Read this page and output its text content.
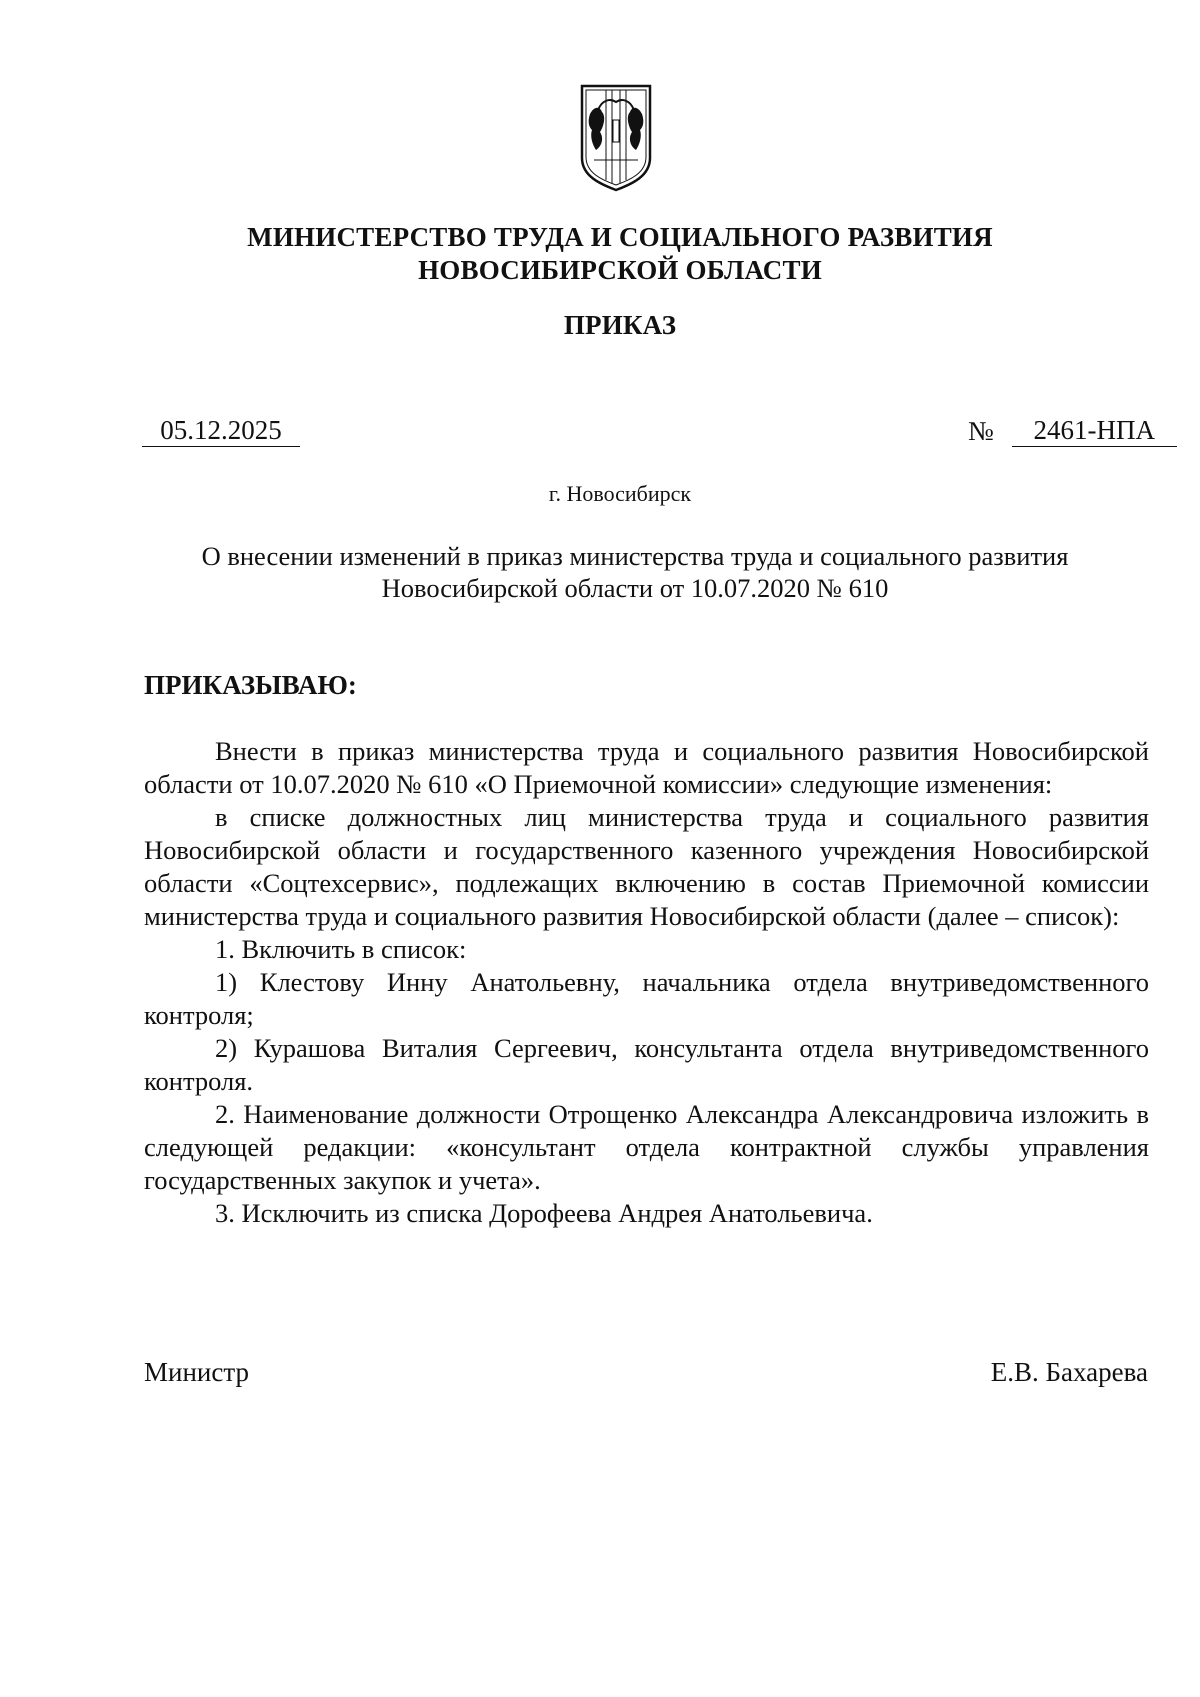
МИНИСТЕРСТВО ТРУДА И СОЦИАЛЬНОГО РАЗВИТИЯ
НОВОСИБИРСКОЙ ОБЛАСТИ
ПРИКАЗ
05.12.2025	№	2461-НПА
г. Новосибирск
О внесении изменений в приказ министерства труда и социального развития
Новосибирской области от 10.07.2020 № 610
ПРИКАЗЫВАЮ:

Внести в приказ министерства труда и социального развития Новосибирской области от 10.07.2020 № 610 «О Приемочной комиссии» следующие изменения:

в списке должностных лиц министерства труда и социального развития Новосибирской области и государственного казенного учреждения Новосибирской области «Соцтехсервис», подлежащих включению в состав Приемочной комиссии министерства труда и социального развития Новосибирской области (далее – список):

1. Включить в список:

1) Клестову Инну Анатольевну, начальника отдела внутриведомственного контроля;

2) Курашова Виталия Сергеевич, консультанта отдела внутриведомственного контроля.

2. Наименование должности Отрощенко Александра Александровича изложить в следующей редакции: «консультант отдела контрактной службы управления государственных закупок и учета».

3. Исключить из списка Дорофеева Андрея Анатольевича.

Министр	Е.В. Бахарева
